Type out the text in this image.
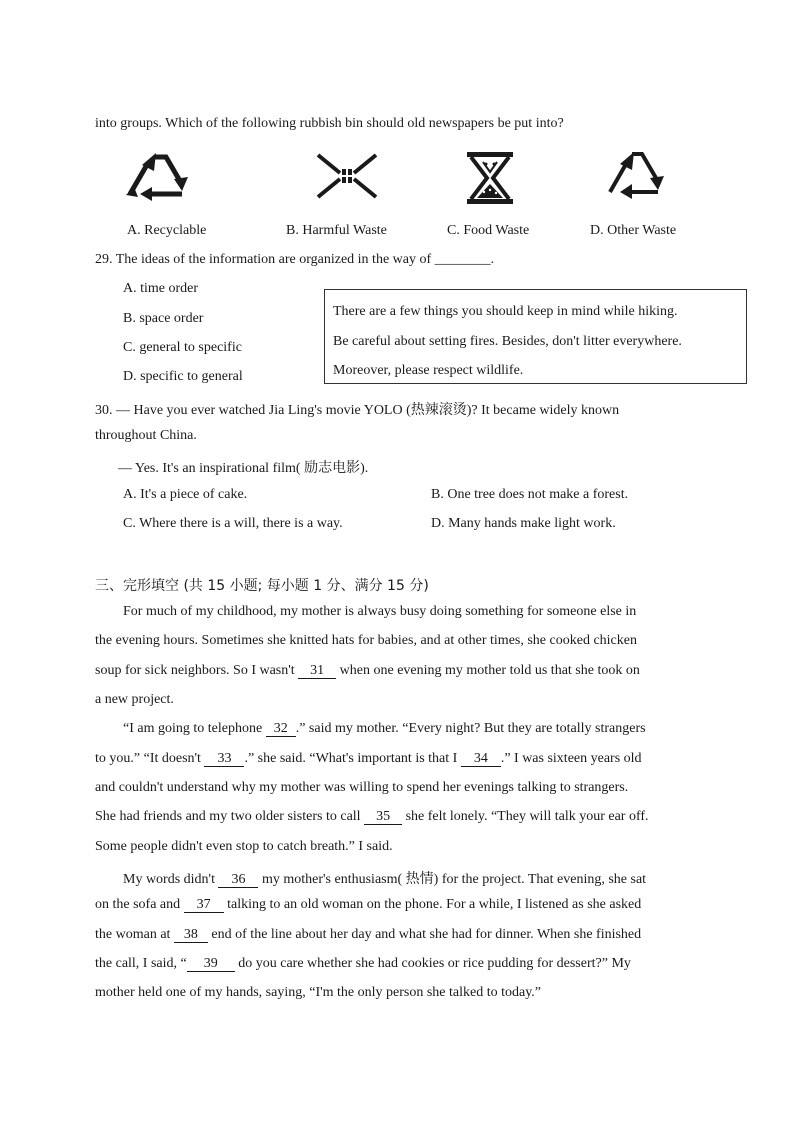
into groups. Which of the following rubbish bin should old newspapers be put into?
A. Recyclable	B. Harmful Waste	C. Food Waste	D. Other Waste
29. The ideas of the information are organized in the way of ________.
A. time order
B. space order
C. general to specific
D. specific to general
There are a few things you should keep in mind while hiking.
Be careful about setting fires. Besides, don't litter everywhere.
Moreover, please respect wildlife.
30. — Have you ever watched Jia Ling's movie YOLO (热辣滚烫)? It became widely known
throughout China.
— Yes. It's an inspirational film( 励志电影).
A. It's a piece of cake.	B. One tree does not make a forest.
C. Where there is a will, there is a way.	D. Many hands make light work.
三、完形填空 (共 15 小题; 每小题 1 分、满分 15 分)
For much of my childhood, my mother is always busy doing something for someone else in
the evening hours. Sometimes she knitted hats for babies, and at other times, she cooked chicken
soup for sick neighbors. So I wasn't 31 when one evening my mother told us that she took on
a new project.
“I am going to telephone 32 .” said my mother. “Every night? But they are totally strangers
to you.” “It doesn't 33 .” she said. “What's important is that I 34 .” I was sixteen years old
and couldn't understand why my mother was willing to spend her evenings talking to strangers.
She had friends and my two older sisters to call 35 she felt lonely. “They will talk your ear off.
Some people didn't even stop to catch breath.” I said.
My words didn't 36 my mother's enthusiasm( 热情) for the project. That evening, she sat
on the sofa and 37 talking to an old woman on the phone. For a while, I listened as she asked
the woman at 38 end of the line about her day and what she had for dinner. When she finished
the call, I said, “ 39 do you care whether she had cookies or rice pudding for dessert?” My
mother held one of my hands, saying, “I'm the only person she talked to today.”
